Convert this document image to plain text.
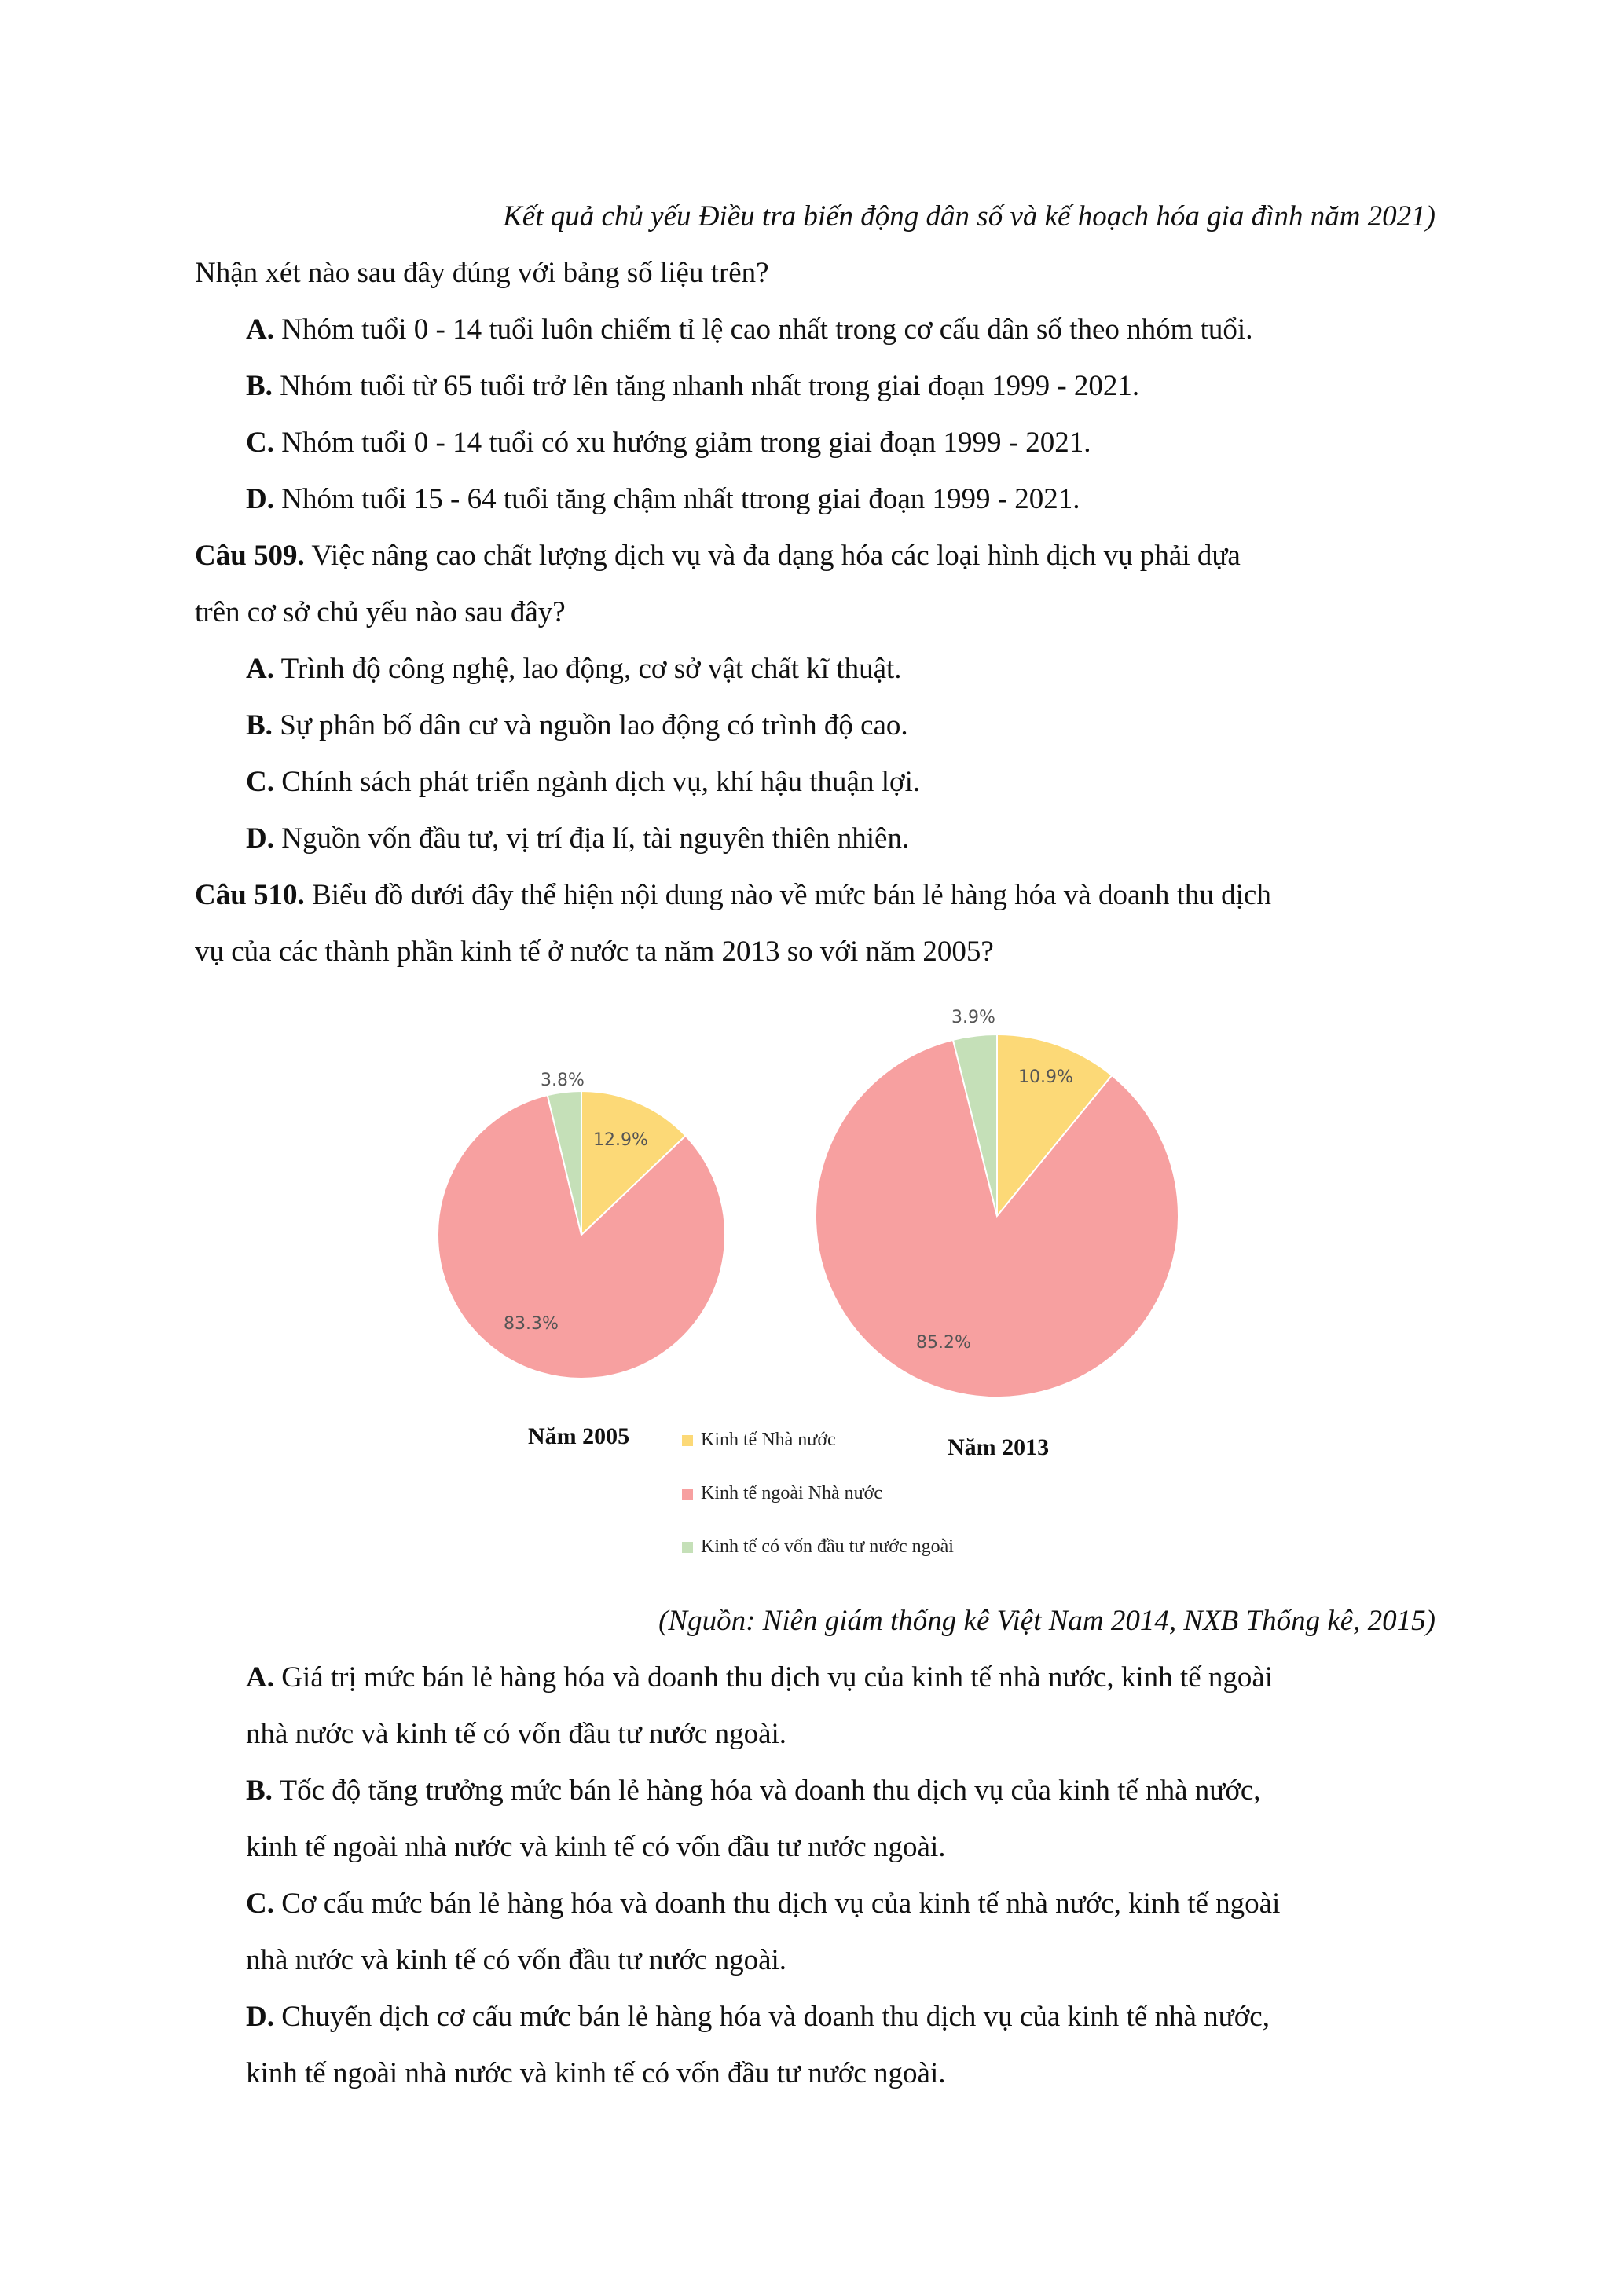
Kết quả chủ yếu Điều tra biến động dân số và kế hoạch hóa gia đình năm 2021)
Nhận xét nào sau đây đúng với bảng số liệu trên?
A. Nhóm tuổi 0 - 14 tuổi luôn chiếm tỉ lệ cao nhất trong cơ cấu dân số theo nhóm tuổi.
B. Nhóm tuổi từ 65 tuổi trở lên tăng nhanh nhất trong giai đoạn 1999 - 2021.
C. Nhóm tuổi 0 - 14 tuổi có xu hướng giảm trong giai đoạn 1999 - 2021.
D. Nhóm tuổi 15 - 64 tuổi tăng chậm nhất ttrong giai đoạn 1999 - 2021.
Câu 509. Việc nâng cao chất lượng dịch vụ và đa dạng hóa các loại hình dịch vụ phải dựa
trên cơ sở chủ yếu nào sau đây?
A. Trình độ công nghệ, lao động, cơ sở vật chất kĩ thuật.
B. Sự phân bố dân cư và nguồn lao động có trình độ cao.
C. Chính sách phát triển ngành dịch vụ, khí hậu thuận lợi.
D. Nguồn vốn đầu tư, vị trí địa lí, tài nguyên thiên nhiên.
Câu 510. Biểu đồ dưới đây thể hiện nội dung nào về mức bán lẻ hàng hóa và doanh thu dịch
vụ của các thành phần kinh tế ở nước ta năm 2013 so với năm 2005?
12.9%
83.3%
3.8%	10.9%
85.2%
3.9%
Năm 2005	Năm 2013
Kinh tế Nhà nước
Kinh tế ngoài Nhà nước
Kinh tế có vốn đầu tư nước ngoài
(Nguồn: Niên giám thống kê Việt Nam 2014, NXB Thống kê, 2015)
A. Giá trị mức bán lẻ hàng hóa và doanh thu dịch vụ của kinh tế nhà nước, kinh tế ngoài
nhà nước và kinh tế có vốn đầu tư nước ngoài.
B. Tốc độ tăng trưởng mức bán lẻ hàng hóa và doanh thu dịch vụ của kinh tế nhà nước,
kinh tế ngoài nhà nước và kinh tế có vốn đầu tư nước ngoài.
C. Cơ cấu mức bán lẻ hàng hóa và doanh thu dịch vụ của kinh tế nhà nước, kinh tế ngoài
nhà nước và kinh tế có vốn đầu tư nước ngoài.
D. Chuyển dịch cơ cấu mức bán lẻ hàng hóa và doanh thu dịch vụ của kinh tế nhà nước,
kinh tế ngoài nhà nước và kinh tế có vốn đầu tư nước ngoài.
